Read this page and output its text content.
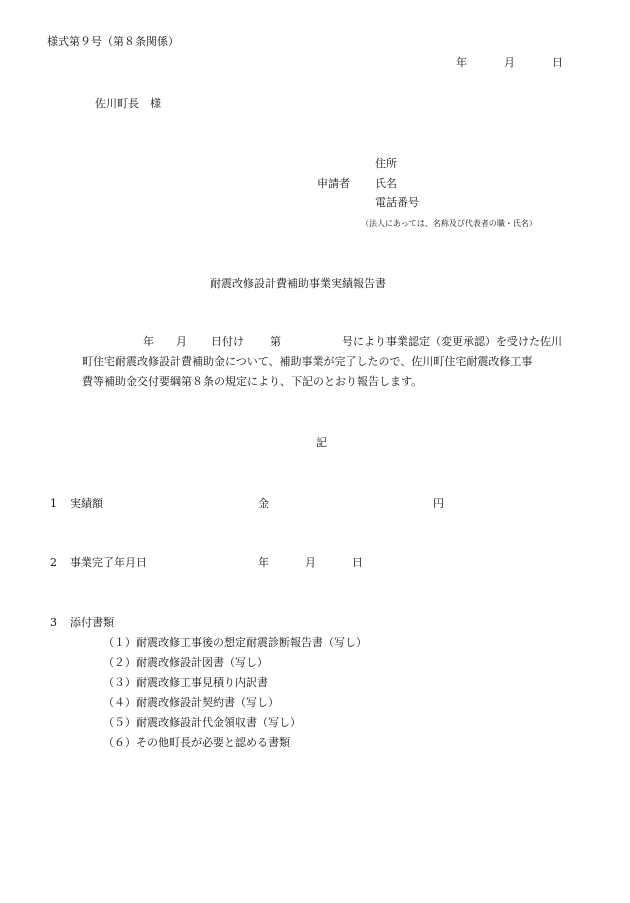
様式第９号（第８条関係）
年	月	日
佐川町長　様
住所
申請者 氏名
電話番号
（法人にあっては、名称及び代表者の職・氏名）
耐震改修設計費補助事業実績報告書
年 月 日付け 第	号により事業認定（変更承認）を受けた佐川
町住宅耐震改修設計費補助金について、補助事業が完了したので、佐川町住宅耐震改修工事
費等補助金交付要綱第８条の規定により、下記のとおり報告します。
記
1 実績額	金	円
2 事業完了年月日	年	月	日
3 添付書類
（１）耐震改修工事後の想定耐震診断報告書（写し）
（２）耐震改修設計図書（写し）
（３）耐震改修工事見積り内訳書
（４）耐震改修設計契約書（写し）
（５）耐震改修設計代金領収書（写し）
（６）その他町長が必要と認める書類
